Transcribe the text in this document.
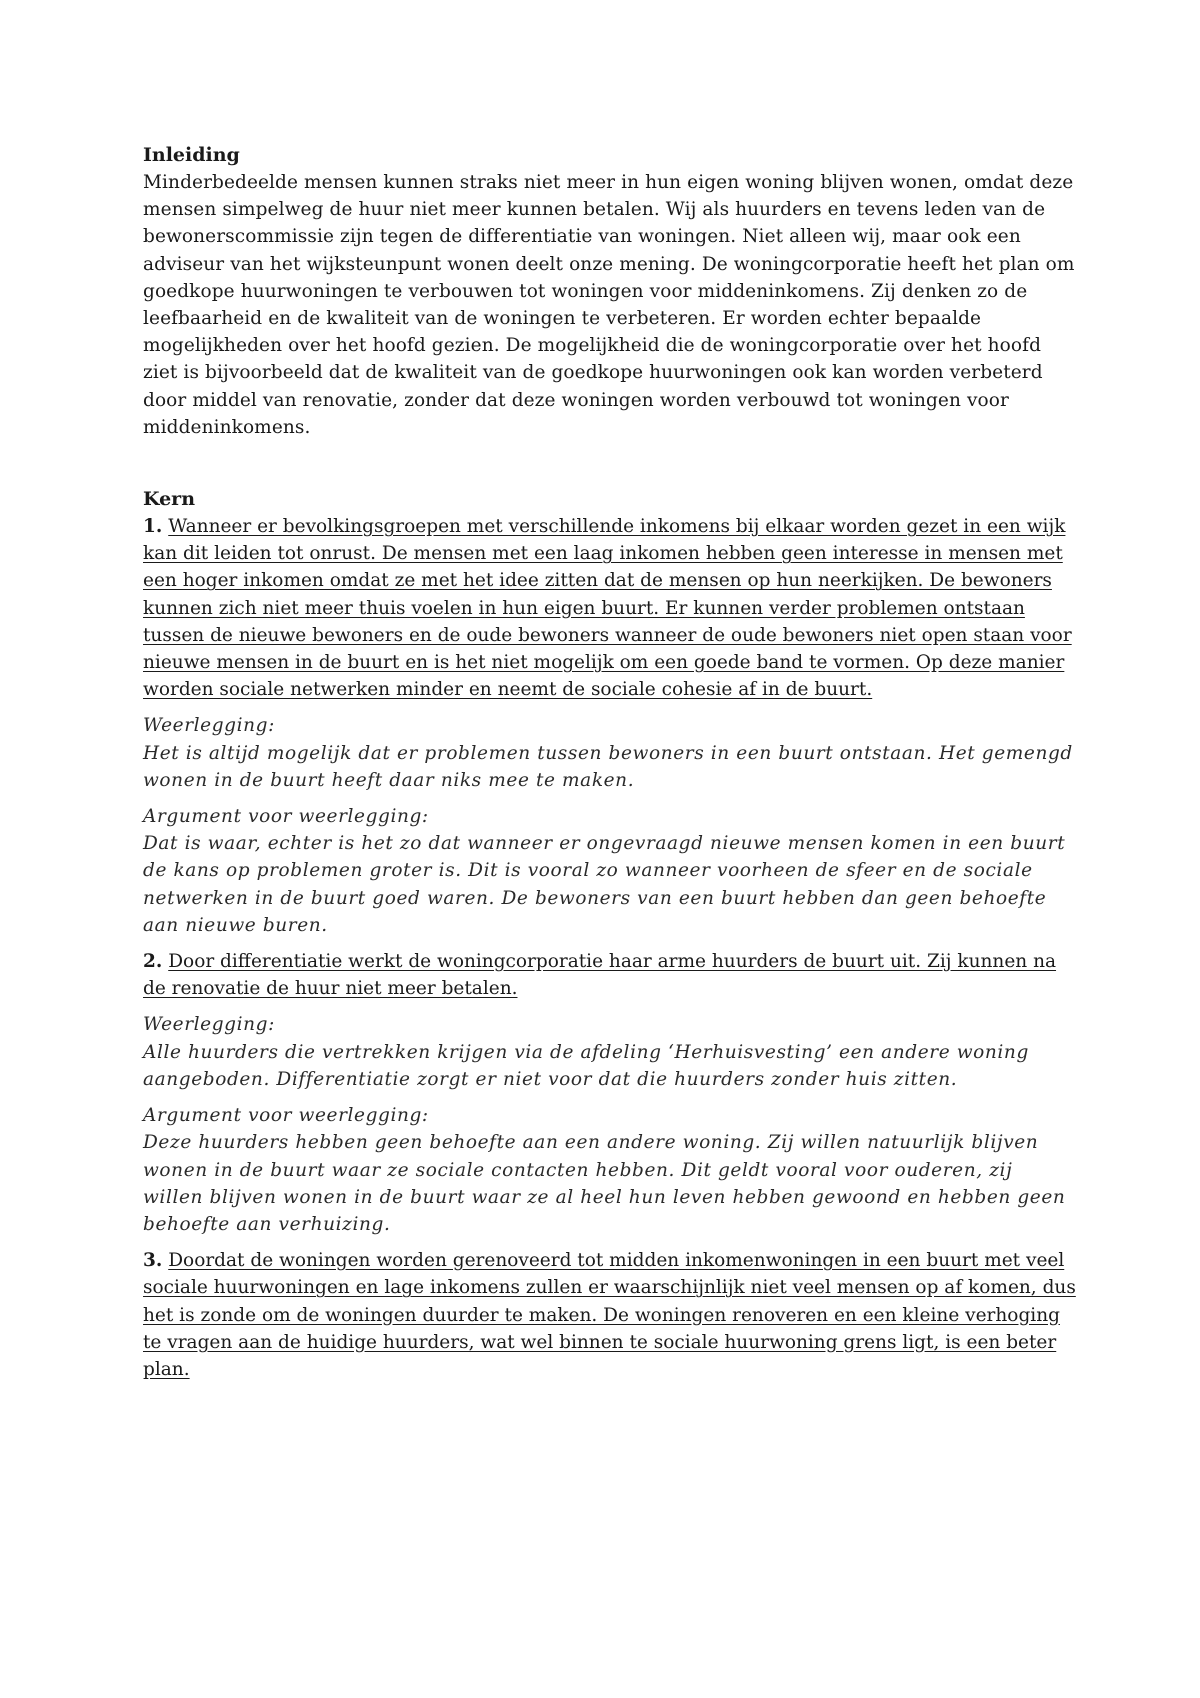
Inleiding

Minderbedeelde mensen kunnen straks niet meer in hun eigen woning blijven wonen, omdat deze mensen simpelweg de huur niet meer kunnen betalen. Wij als huurders en tevens leden van de bewonerscommissie zijn tegen de differentiatie van woningen. Niet alleen wij, maar ook een adviseur van het wijksteunpunt wonen deelt onze mening. De woningcorporatie heeft het plan om goedkope huurwoningen te verbouwen tot woningen voor middeninkomens. Zij denken zo de leefbaarheid en de kwaliteit van de woningen te verbeteren. Er worden echter bepaalde mogelijkheden over het hoofd gezien. De mogelijkheid die de woningcorporatie over het hoofd ziet is bijvoorbeeld dat de kwaliteit van de goedkope huurwoningen ook kan worden verbeterd door middel van renovatie, zonder dat deze woningen worden verbouwd tot woningen voor middeninkomens.

Kern

1. Wanneer er bevolkingsgroepen met verschillende inkomens bij elkaar worden gezet in een wijk kan dit leiden tot onrust. De mensen met een laag inkomen hebben geen interesse in mensen met een hoger inkomen omdat ze met het idee zitten dat de mensen op hun neerkijken. De bewoners kunnen zich niet meer thuis voelen in hun eigen buurt. Er kunnen verder problemen ontstaan tussen de nieuwe bewoners en de oude bewoners wanneer de oude bewoners niet open staan voor nieuwe mensen in de buurt en is het niet mogelijk om een goede band te vormen. Op deze manier worden sociale netwerken minder en neemt de sociale cohesie af in de buurt.

Weerlegging:

Het is altijd mogelijk dat er problemen tussen bewoners in een buurt ontstaan. Het gemengd wonen in de buurt heeft daar niks mee te maken.

Argument voor weerlegging:

Dat is waar, echter is het zo dat wanneer er ongevraagd nieuwe mensen komen in een buurt de kans op problemen groter is. Dit is vooral zo wanneer voorheen de sfeer en de sociale netwerken in de buurt goed waren. De bewoners van een buurt hebben dan geen behoefte aan nieuwe buren.

2. Door differentiatie werkt de woningcorporatie haar arme huurders de buurt uit. Zij kunnen na de renovatie de huur niet meer betalen.

Weerlegging:

Alle huurders die vertrekken krijgen via de afdeling ‘Herhuisvesting’ een andere woning aangeboden. Differentiatie zorgt er niet voor dat die huurders zonder huis zitten.

Argument voor weerlegging:

Deze huurders hebben geen behoefte aan een andere woning. Zij willen natuurlijk blijven wonen in de buurt waar ze sociale contacten hebben. Dit geldt vooral voor ouderen, zij willen blijven wonen in de buurt waar ze al heel hun leven hebben gewoond en hebben geen behoefte aan verhuizing.

3. Doordat de woningen worden gerenoveerd tot midden inkomenwoningen in een buurt met veel sociale huurwoningen en lage inkomens zullen er waarschijnlijk niet veel mensen op af komen, dus het is zonde om de woningen duurder te maken. De woningen renoveren en een kleine verhoging te vragen aan de huidige huurders, wat wel binnen te sociale huurwoning grens ligt, is een beter plan.
